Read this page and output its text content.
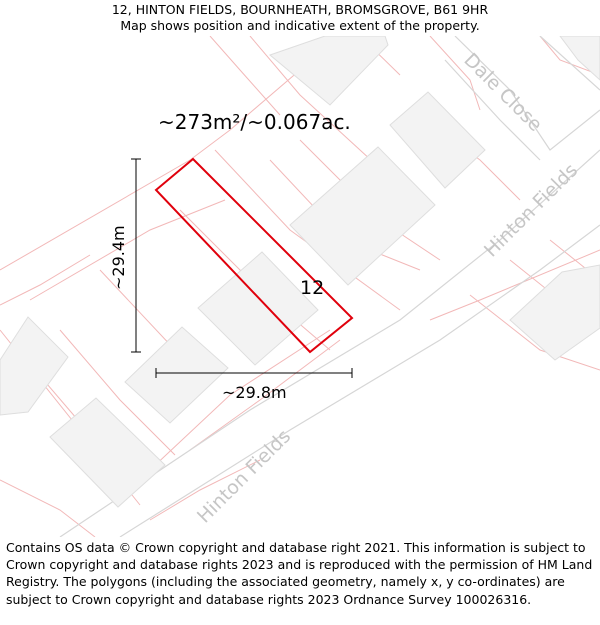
12, HINTON FIELDS, BOURNHEATH, BROMSGROVE, B61 9HR
Map shows position and indicative extent of the property.
Dale Close
Hinton Fields
Hinton Fields
~29.4m
~29.8m
~273m²/~0.067ac.
12
Contains OS data © Crown copyright and database right 2021. This information is subject to Crown copyright and database rights 2023 and is reproduced with the permission of HM Land Registry. The polygons (including the associated geometry, namely x, y co-ordinates) are subject to Crown copyright and database rights 2023 Ordnance Survey 100026316.
